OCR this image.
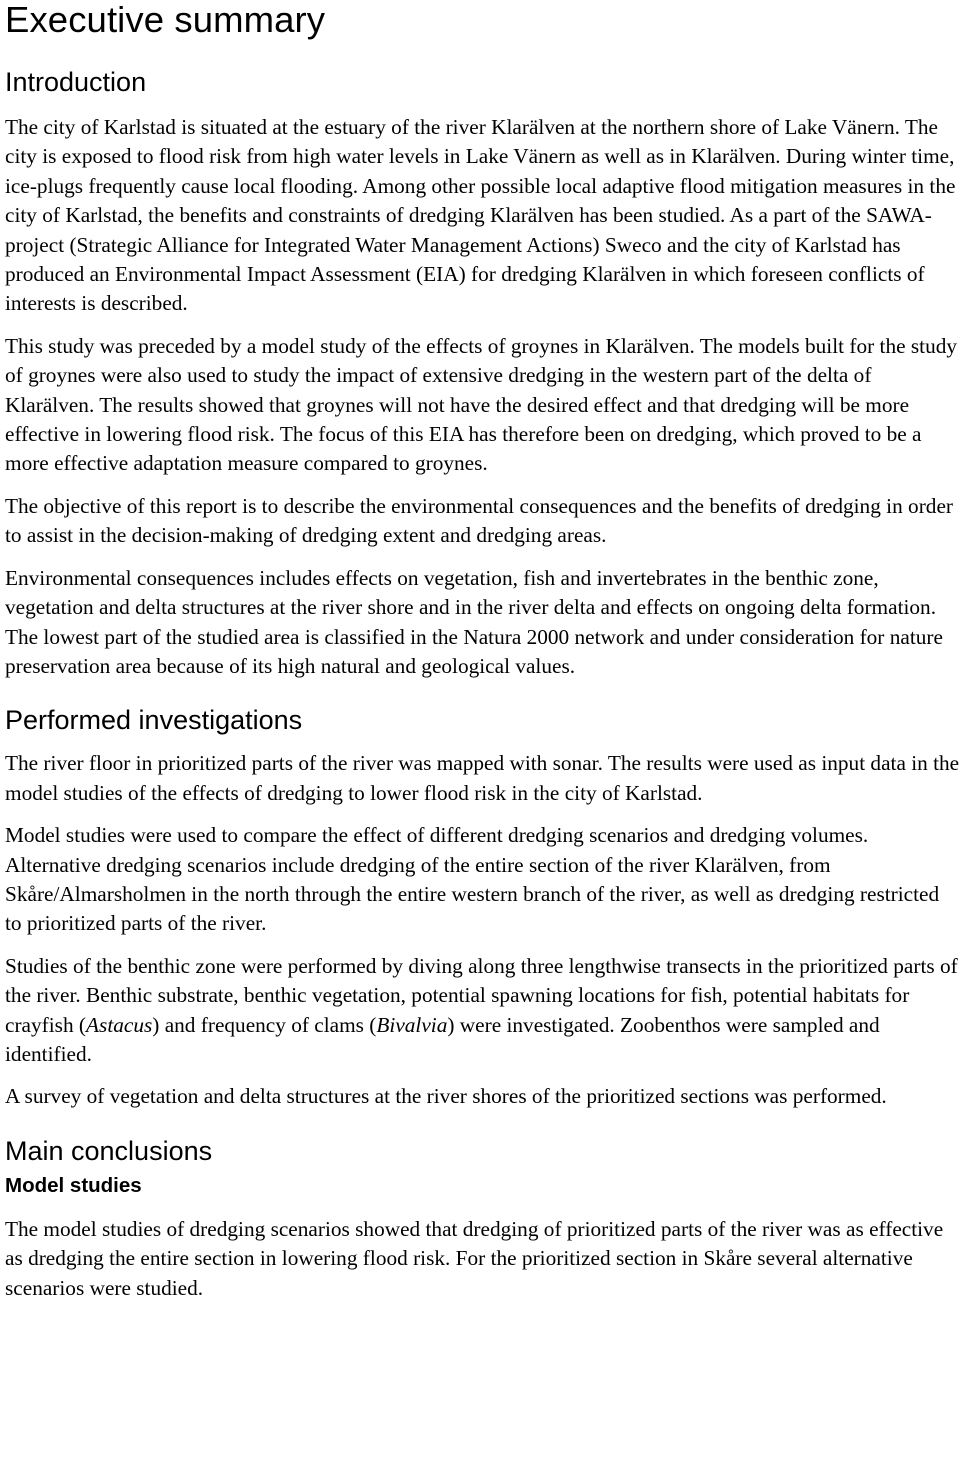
Executive summary
Introduction

The city of Karlstad is situated at the estuary of the river Klarälven at the northern shore of Lake Vänern. The city is exposed to flood risk from high water levels in Lake Vänern as well as in Klarälven. During winter time, ice-plugs frequently cause local flooding. Among other possible local adaptive flood mitigation measures in the city of Karlstad, the benefits and constraints of dredging Klarälven has been studied. As a part of the SAWA-project (Strategic Alliance for Integrated Water Management Actions) Sweco and the city of Karlstad has produced an Environmental Impact Assessment (EIA) for dredging Klarälven in which foreseen conflicts of interests is described.

This study was preceded by a model study of the effects of groynes in Klarälven. The models built for the study of groynes were also used to study the impact of extensive dredging in the western part of the delta of Klarälven. The results showed that groynes will not have the desired effect and that dredging will be more effective in lowering flood risk. The focus of this EIA has therefore been on dredging, which proved to be a more effective adaptation measure compared to groynes.

The objective of this report is to describe the environmental consequences and the benefits of dredging in order to assist in the decision-making of dredging extent and dredging areas.

Environmental consequences includes effects on vegetation, fish and invertebrates in the benthic zone, vegetation and delta structures at the river shore and in the river delta and effects on ongoing delta formation. The lowest part of the studied area is classified in the Natura 2000 network and under consideration for nature preservation area because of its high natural and geological values.

Performed investigations

The river floor in prioritized parts of the river was mapped with sonar. The results were used as input data in the model studies of the effects of dredging to lower flood risk in the city of Karlstad.

Model studies were used to compare the effect of different dredging scenarios and dredging volumes. Alternative dredging scenarios include dredging of the entire section of the river Klarälven, from Skåre/Almarsholmen in the north through the entire western branch of the river, as well as dredging restricted to prioritized parts of the river.

Studies of the benthic zone were performed by diving along three lengthwise transects in the prioritized parts of the river. Benthic substrate, benthic vegetation, potential spawning locations for fish, potential habitats for crayfish (Astacus) and frequency of clams (Bivalvia) were investigated. Zoobenthos were sampled and identified.

A survey of vegetation and delta structures at the river shores of the prioritized sections was performed.

Main conclusions
Model studies

The model studies of dredging scenarios showed that dredging of prioritized parts of the river was as effective as dredging the entire section in lowering flood risk. For the prioritized section in Skåre several alternative scenarios were studied.
